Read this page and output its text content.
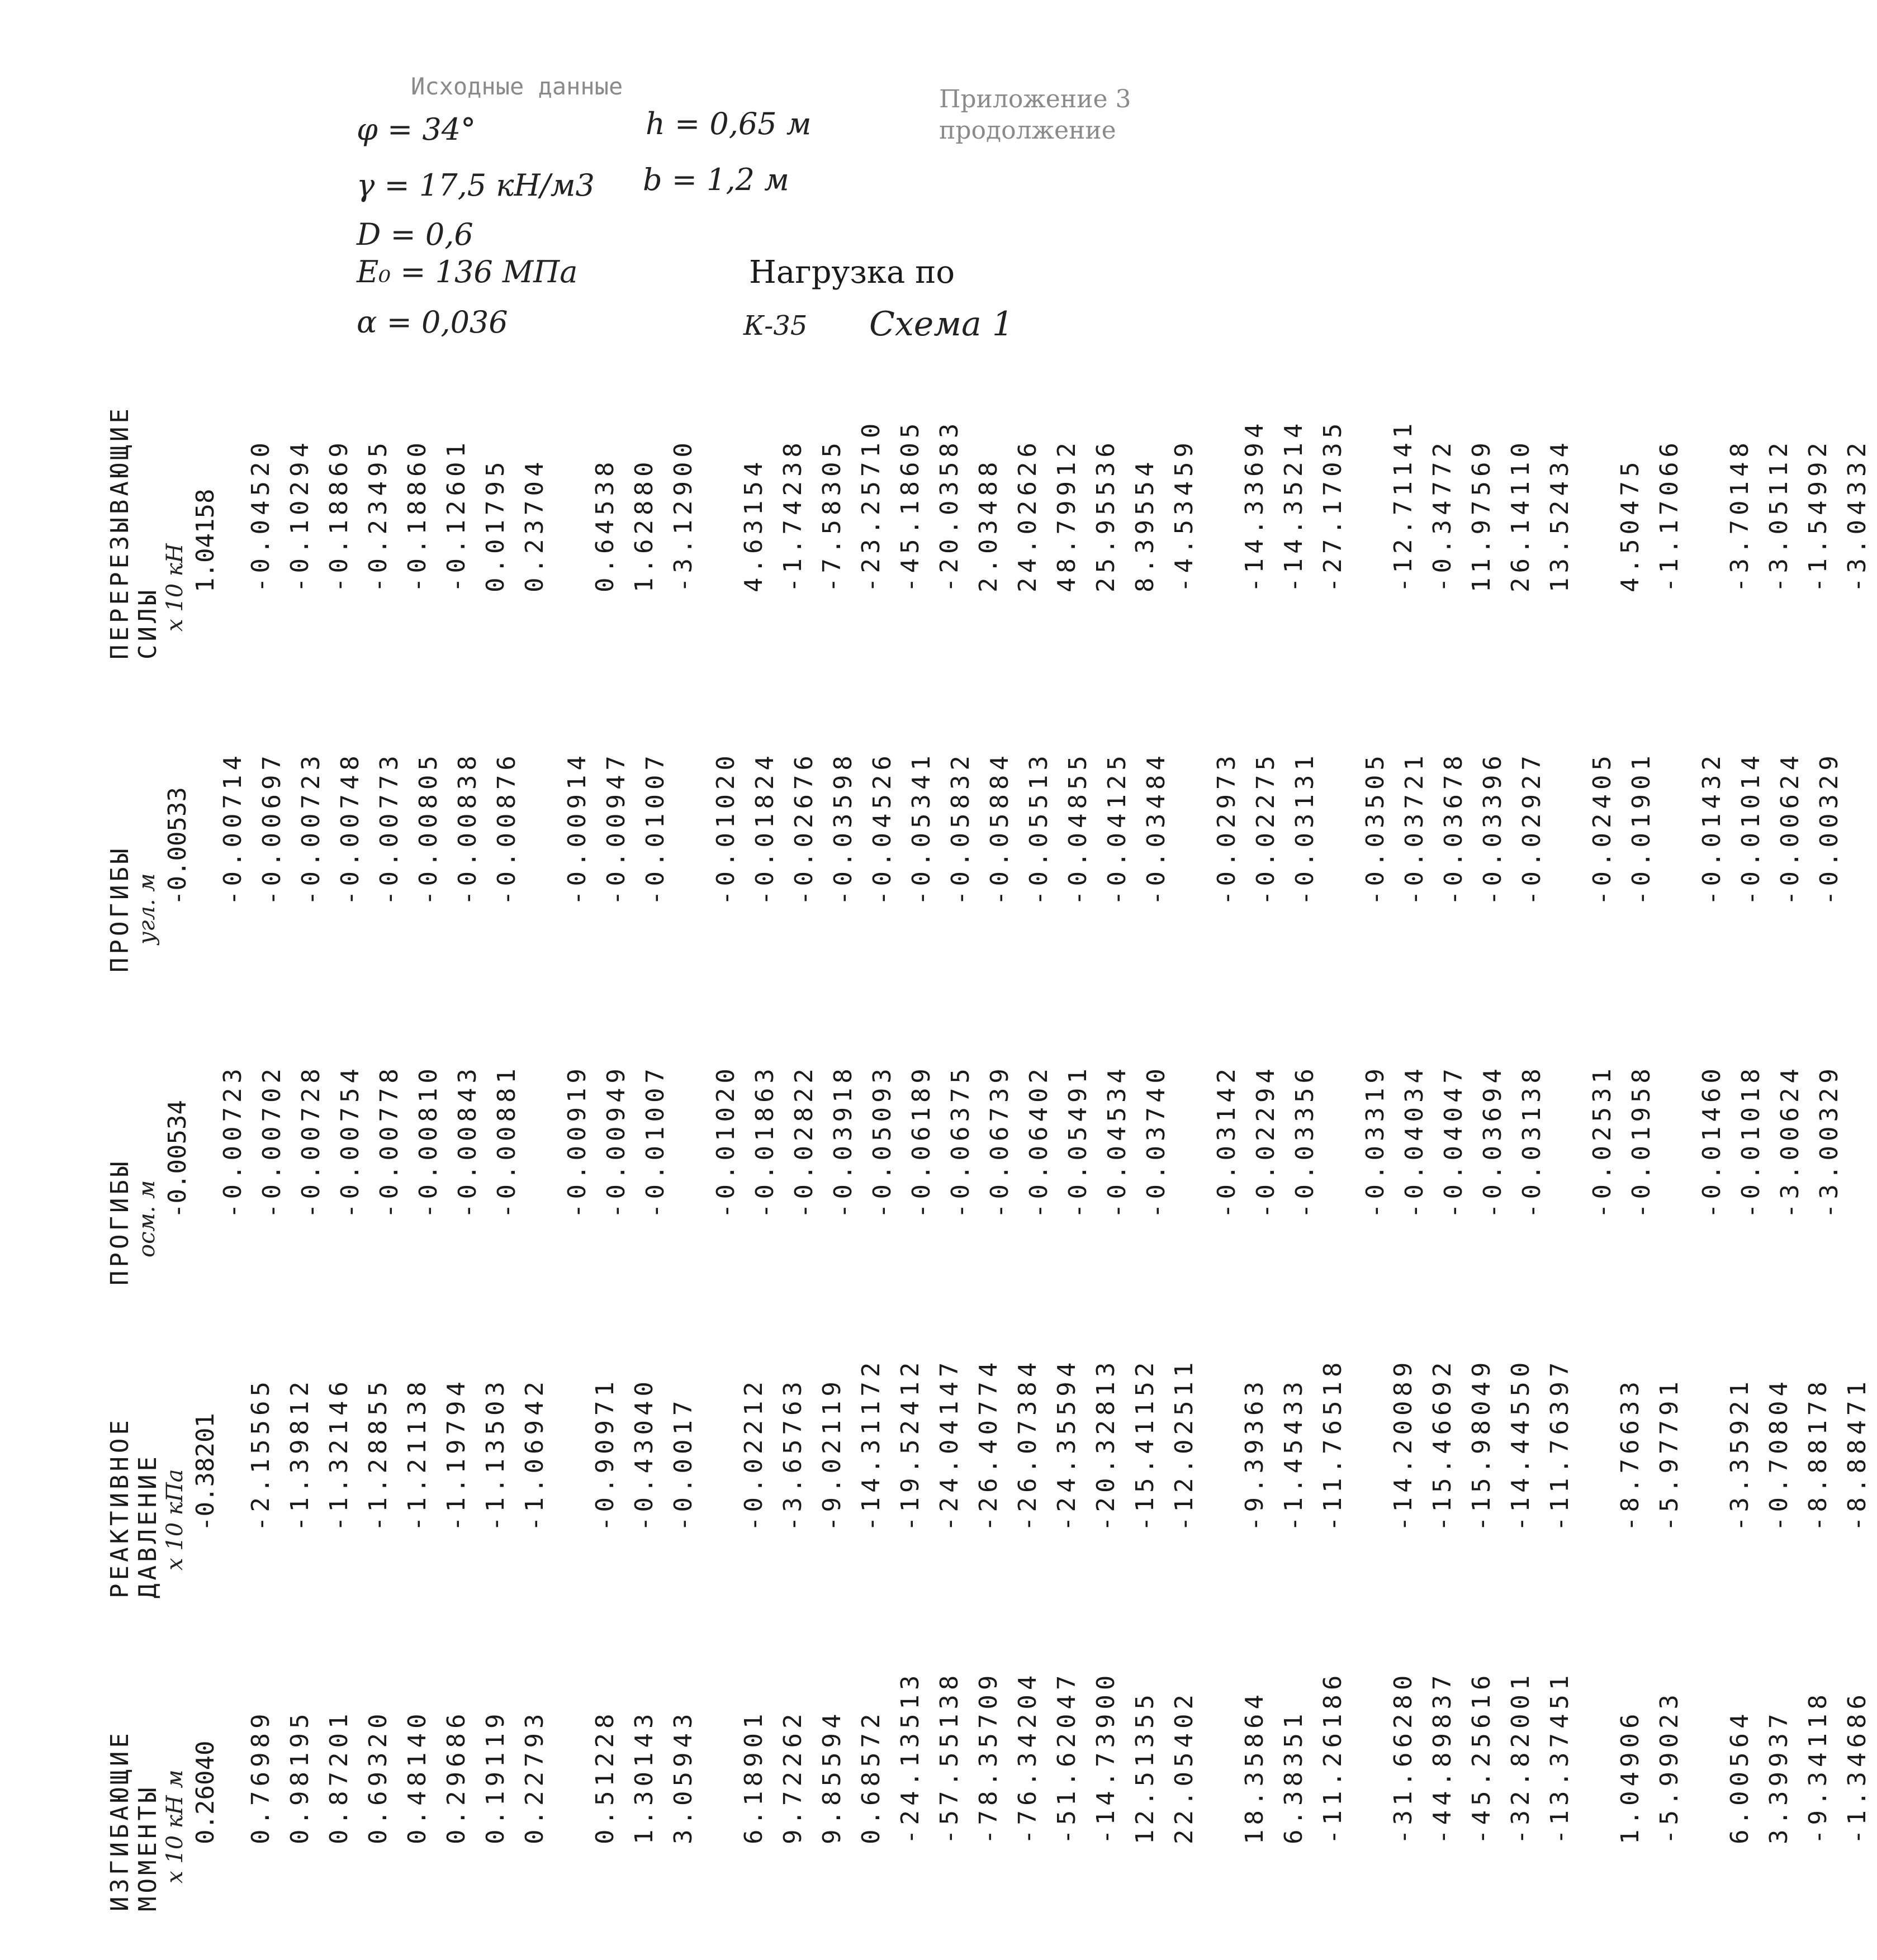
Исходные данные	Приложение 3
продолжение
φ = 34°
γ = 17,5 кН/м3
D = 0,6
E₀ = 136 МПа
α = 0,036
h = 0,65 м
b = 1,2 м
Нагрузка по
К-35 Схема 1
ИЗГИБАЮЩИЕ МОМЕНТЫ х 10 кН м 0.26040 0.76989 0.98195 0.87201 0.69320 0.48140 0.29686 0.19119 0.22793 0.51228 1.30143 3.05943 6.18901 9.72262 9.85594 0.68572 -24.13513 -57.55138 -78.35709 -76.34204 -51.62047 -14.73900 12.51355 22.05402 18.35864 6.38351 -11.26186 -31.66280 -44.89837 -45.25616 -32.82001 -13.37451 1.04906 -5.99023 6.00564 3.39937 -9.34118 -1.34686
РЕАКТИВНОЕ ДАВЛЕНИЕ х 10 кПа -0.38201 -2.15565 -1.39812 -1.32146 -1.28855 -1.21138 -1.19794 -1.13503 -1.06942 -0.90971 -0.43040 -0.0017 -0.02212 -3.65763 -9.02119 -14.31172 -19.52412 -24.04147 -26.40774 -26.07384 -24.35594 -20.32813 -15.41152 -12.02511 -9.39363 -1.45433 -11.76518 -14.20089 -15.46692 -15.98049 -14.44550 -11.76397 -8.76633 -5.97791 -3.35921 -0.70804 -8.88178 -8.88471
ПРОГИБЫ осм. м
-0.00534 -0.00723 -0.00702 -0.00728 -0.00754 -0.00778 -0.00810 -0.00843 -0.00881 -0.00919 -0.00949 -0.01007 -0.01020 -0.01863 -0.02822 -0.03918 -0.05093 -0.06189 -0.06375 -0.06739 -0.06402 -0.05491 -0.04534 -0.03740 -0.03142 -0.02294 -0.03356 -0.03319 -0.04034 -0.04047 -0.03694 -0.03138 -0.02531 -0.01958 -0.01460 -0.01018 -3.00624 -3.00329
ПРОГИБЫ угл. м
-0.00533 -0.00714 -0.00697 -0.00723 -0.00748 -0.00773 -0.00805 -0.00838 -0.00876 -0.00914 -0.00947 -0.01007 -0.01020 -0.01824 -0.02676 -0.03598 -0.04526 -0.05341 -0.05832 -0.05884 -0.05513 -0.04855 -0.04125 -0.03484 -0.02973 -0.02275 -0.03131 -0.03505 -0.03721 -0.03678 -0.03396 -0.02927 -0.02405 -0.01901 -0.01432 -0.01014 -0.00624 -0.00329
ПЕРЕРЕЗЫВАЮЩИЕ СИЛЫ х 10 кН 1.04158 -0.04520 -0.10294 -0.18869 -0.23495 -0.18860 -0.12601 0.01795 0.23704 0.64538 1.62880 -3.12900 4.63154 -1.74238 -7.58305 -23.25710 -45.18605 -20.03583 2.03488 24.02626 48.79912 25.95536 8.39554 -4.53459 -14.33694 -14.35214 -27.17035 -12.71141 -0.34772 11.97569 26.14110 13.52434 4.50475 -1.17066 -3.70148 -3.05112 -1.54992 -3.04332
